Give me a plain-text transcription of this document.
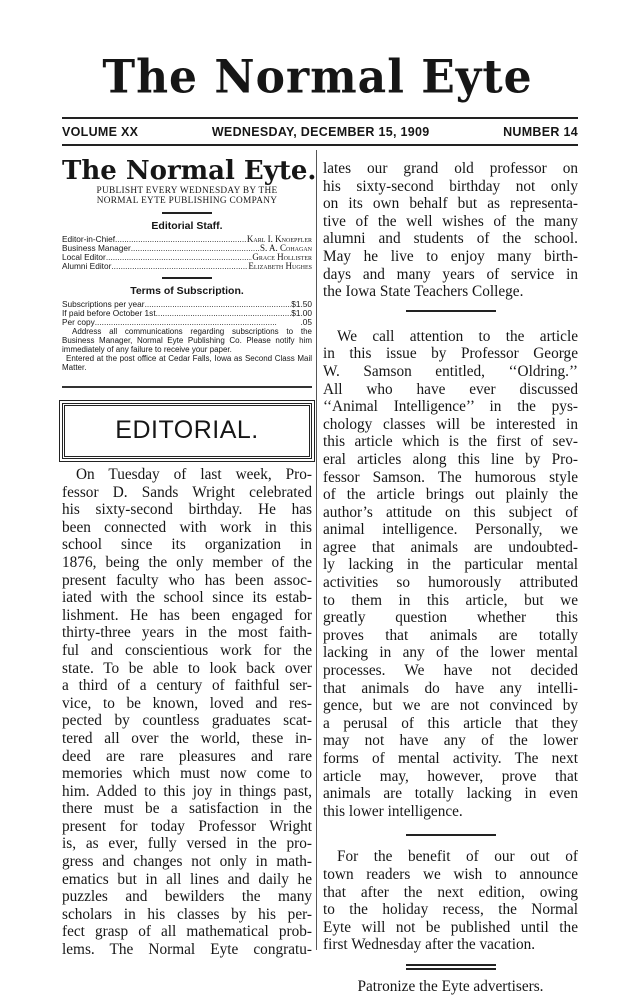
The Normal Eyte
VOLUME XX	WEDNESDAY, DECEMBER 15, 1909	NUMBER 14
The Normal Eyte.
PUBLISHT EVERY WEDNESDAY BY THE
NORMAL EYTE PUBLISHING COMPANY
Editorial Staff.
Editor-in-Chief .....	Karl I. Knoepfler
Business Manager .....	S. A. Cohagan
Local Editor .....	Grace Hollister
Alumni Editor .....	Elizabeth Hughes
Terms of Subscription.
Subscriptions per year .....	$1.50
If paid before October 1st .....	$1.00
Per copy .....	.05
Address all communications regarding subscriptions to the Business Manager, Normal Eyte Publishing Co. Please notify him immediately of any failure to receive your paper.
Entered at the post office at Cedar Falls, Iowa as Second Class Mail Matter.
EDITORIAL.
On Tuesday of last week, Pro-
fessor D. Sands Wright celebrated
his sixty-second birthday. He has
been connected with work in this
school since its organization in
1876, being the only member of the
present faculty who has been assoc-
iated with the school since its estab-
lishment. He has been engaged for
thirty-three years in the most faith-
ful and conscientious work for the
state. To be able to look back over
a third of a century of faithful ser-
vice, to be known, loved and res-
pected by countless graduates scat-
tered all over the world, these in-
deed are rare pleasures and rare
memories which must now come to
him. Added to this joy in things past,
there must be a satisfaction in the
present for today Professor Wright
is, as ever, fully versed in the pro-
gress and changes not only in math-
ematics but in all lines and daily he
puzzles and bewilders the many
scholars in his classes by his per-
fect grasp of all mathematical prob-
lems. The Normal Eyte congratu-
lates our grand old professor on
his sixty-second birthday not only
on its own behalf but as representa-
tive of the well wishes of the many
alumni and students of the school.
May he live to enjoy many birth-
days and many years of service in
the Iowa State Teachers College.
We call attention to the article
in this issue by Professor George
W. Samson entitled, ‘‘Oldring.’’
All who have ever discussed
‘‘Animal Intelligence’’ in the pys-
chology classes will be interested in
this article which is the first of sev-
eral articles along this line by Pro-
fessor Samson. The humorous style
of the article brings out plainly the
author’s attitude on this subject of
animal intelligence. Personally, we
agree that animals are undoubted-
ly lacking in the particular mental
activities so humorously attributed
to them in this article, but we
greatly question whether this
proves that animals are totally
lacking in any of the lower mental
processes. We have not decided
that animals do have any intelli-
gence, but we are not convinced by
a perusal of this article that they
may not have any of the lower
forms of mental activity. The next
article may, however, prove that
animals are totally lacking in even
this lower intelligence.
For the benefit of our out of
town readers we wish to announce
that after the next edition, owing
to the holiday recess, the Normal
Eyte will not be published until the
first Wednesday after the vacation.
Patronize the Eyte advertisers.
